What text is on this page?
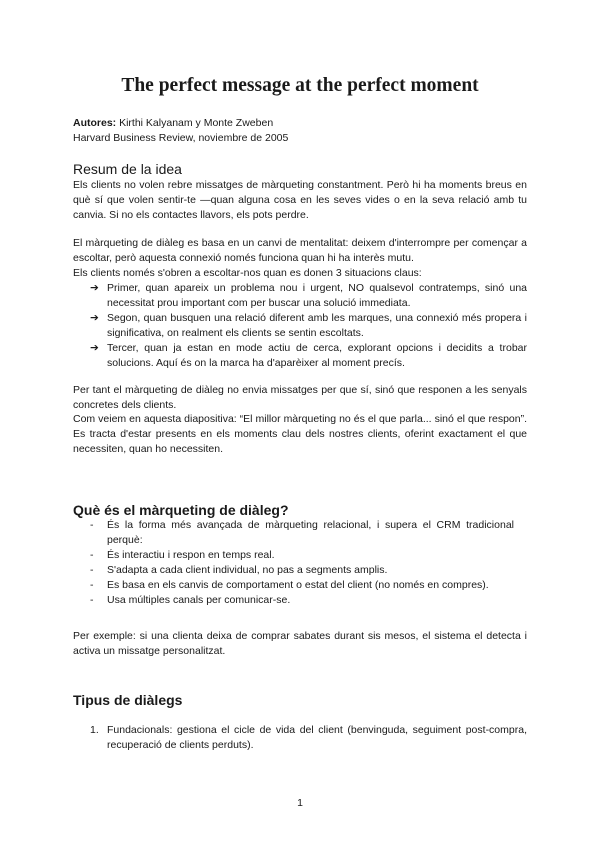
The perfect message at the perfect moment
Autores: Kirthi Kalyanam y Monte Zweben
Harvard Business Review, noviembre de 2005
Resum de la idea

Els clients no volen rebre missatges de màrqueting constantment. Però hi ha moments breus en què sí que volen sentir-te —quan alguna cosa en les seves vides o en la seva relació amb tu canvia. Si no els contactes llavors, els pots perdre.

El màrqueting de diàleg es basa en un canvi de mentalitat: deixem d'interrompre per començar a escoltar, però aquesta connexió només funciona quan hi ha interès mutu.

Els clients només s'obren a escoltar-nos quan es donen 3 situacions claus:

➔ Primer, quan apareix un problema nou i urgent, NO qualsevol contratemps, sinó una necessitat prou important com per buscar una solució immediata.
➔ Segon, quan busquen una relació diferent amb les marques, una connexió més propera i significativa, on realment els clients se sentin escoltats.
➔ Tercer, quan ja estan en mode actiu de cerca, explorant opcions i decidits a trobar solucions. Aquí és on la marca ha d'aparèixer al moment precís.

Per tant el màrqueting de diàleg no envia missatges per que sí, sinó que responen a les senyals concretes dels clients.

Com veiem en aquesta diapositiva: “El millor màrqueting no és el que parla... sinó el que respon”. Es tracta d'estar presents en els moments clau dels nostres clients, oferint exactament el que necessiten, quan ho necessiten.

Què és el màrqueting de diàleg?
- És la forma més avançada de màrqueting relacional, i supera el CRM tradicional perquè:
- És interactiu i respon en temps real.
- S'adapta a cada client individual, no pas a segments amplis.
- Es basa en els canvis de comportament o estat del client (no només en compres).
- Usa múltiples canals per comunicar-se.

Per exemple: si una clienta deixa de comprar sabates durant sis mesos, el sistema el detecta i activa un missatge personalitzat.

Tipus de diàlegs
1. Fundacionals: gestiona el cicle de vida del client (benvinguda, seguiment post-compra, recuperació de clients perduts).
1
